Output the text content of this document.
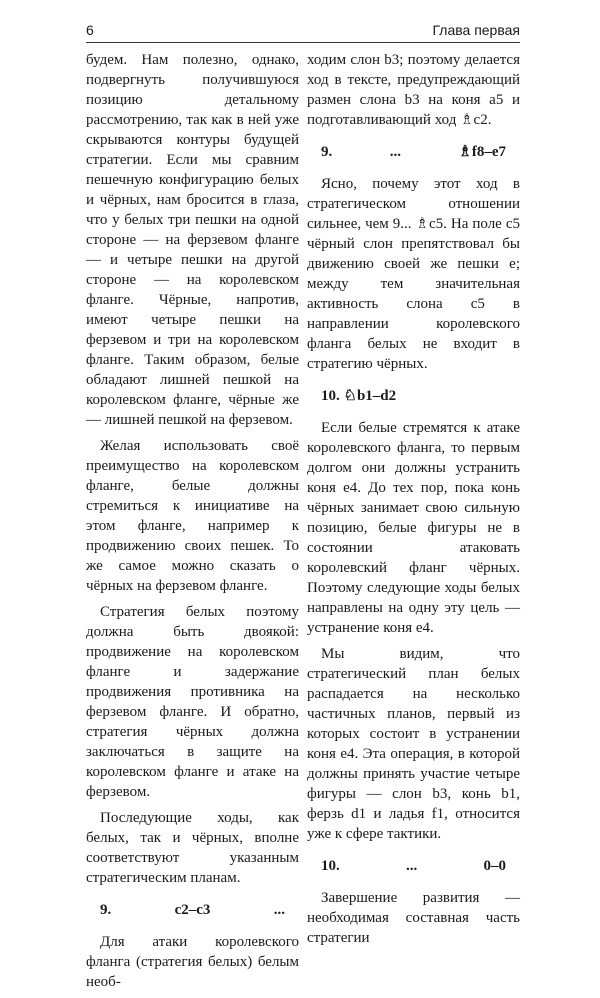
6	Глава первая

будем. Нам полезно, однако, подвергнуть получившуюся позицию детальному рассмотрению, так как в ней уже скрываются контуры будущей стратегии. Если мы сравним пешечную конфигурацию белых и чёрных, нам бросится в глаза, что у белых три пешки на одной стороне — на ферзевом фланге — и четыре пешки на другой стороне — на королевском фланге. Чёрные, напротив, имеют четыре пешки на ферзевом и три на королевском фланге. Таким образом, белые обладают лишней пешкой на королевском фланге, чёрные же — лишней пешкой на ферзевом.

Желая использовать своё преимущество на королевском фланге, белые должны стремиться к инициативе на этом фланге, например к продвижению своих пешек. То же самое можно сказать о чёрных на ферзевом фланге.

Стратегия белых поэтому должна быть двоякой: продвижение на королевском фланге и задержание продвижения противника на ферзевом фланге. И обратно, стратегия чёрных должна заключаться в защите на королевском фланге и атаке на ферзевом.

Последующие ходы, как белых, так и чёрных, вполне соответствуют указанным стратегическим планам.

9.	c2–c3	...

Для атаки королевского фланга (стратегия белых) белым необ-

ходим слон b3; поэтому делается ход в тексте, предупреждающий размен слона b3 на коня a5 и подготавливающий ход ♗c2.

9.	...	♗f8–e7

Ясно, почему этот ход в стратегическом отношении сильнее, чем 9... ♗c5. На поле c5 чёрный слон препятствовал бы движению своей же пешки e; между тем значительная активность слона c5 в направлении королевского фланга белых не входит в стратегию чёрных.

10. ♘b1–d2

Если белые стремятся к атаке королевского фланга, то первым долгом они должны устранить коня e4. До тех пор, пока конь чёрных занимает свою сильную позицию, белые фигуры не в состоянии атаковать королевский фланг чёрных. Поэтому следующие ходы белых направлены на одну эту цель — устранение коня e4.

Мы видим, что стратегический план белых распадается на несколько частичных планов, первый из которых состоит в устранении коня e4. Эта операция, в которой должны принять участие четыре фигуры — слон b3, конь b1, ферзь d1 и ладья f1, относится уже к сфере тактики.

10.	...	0–0

Завершение развития — необходимая составная часть стратегии
